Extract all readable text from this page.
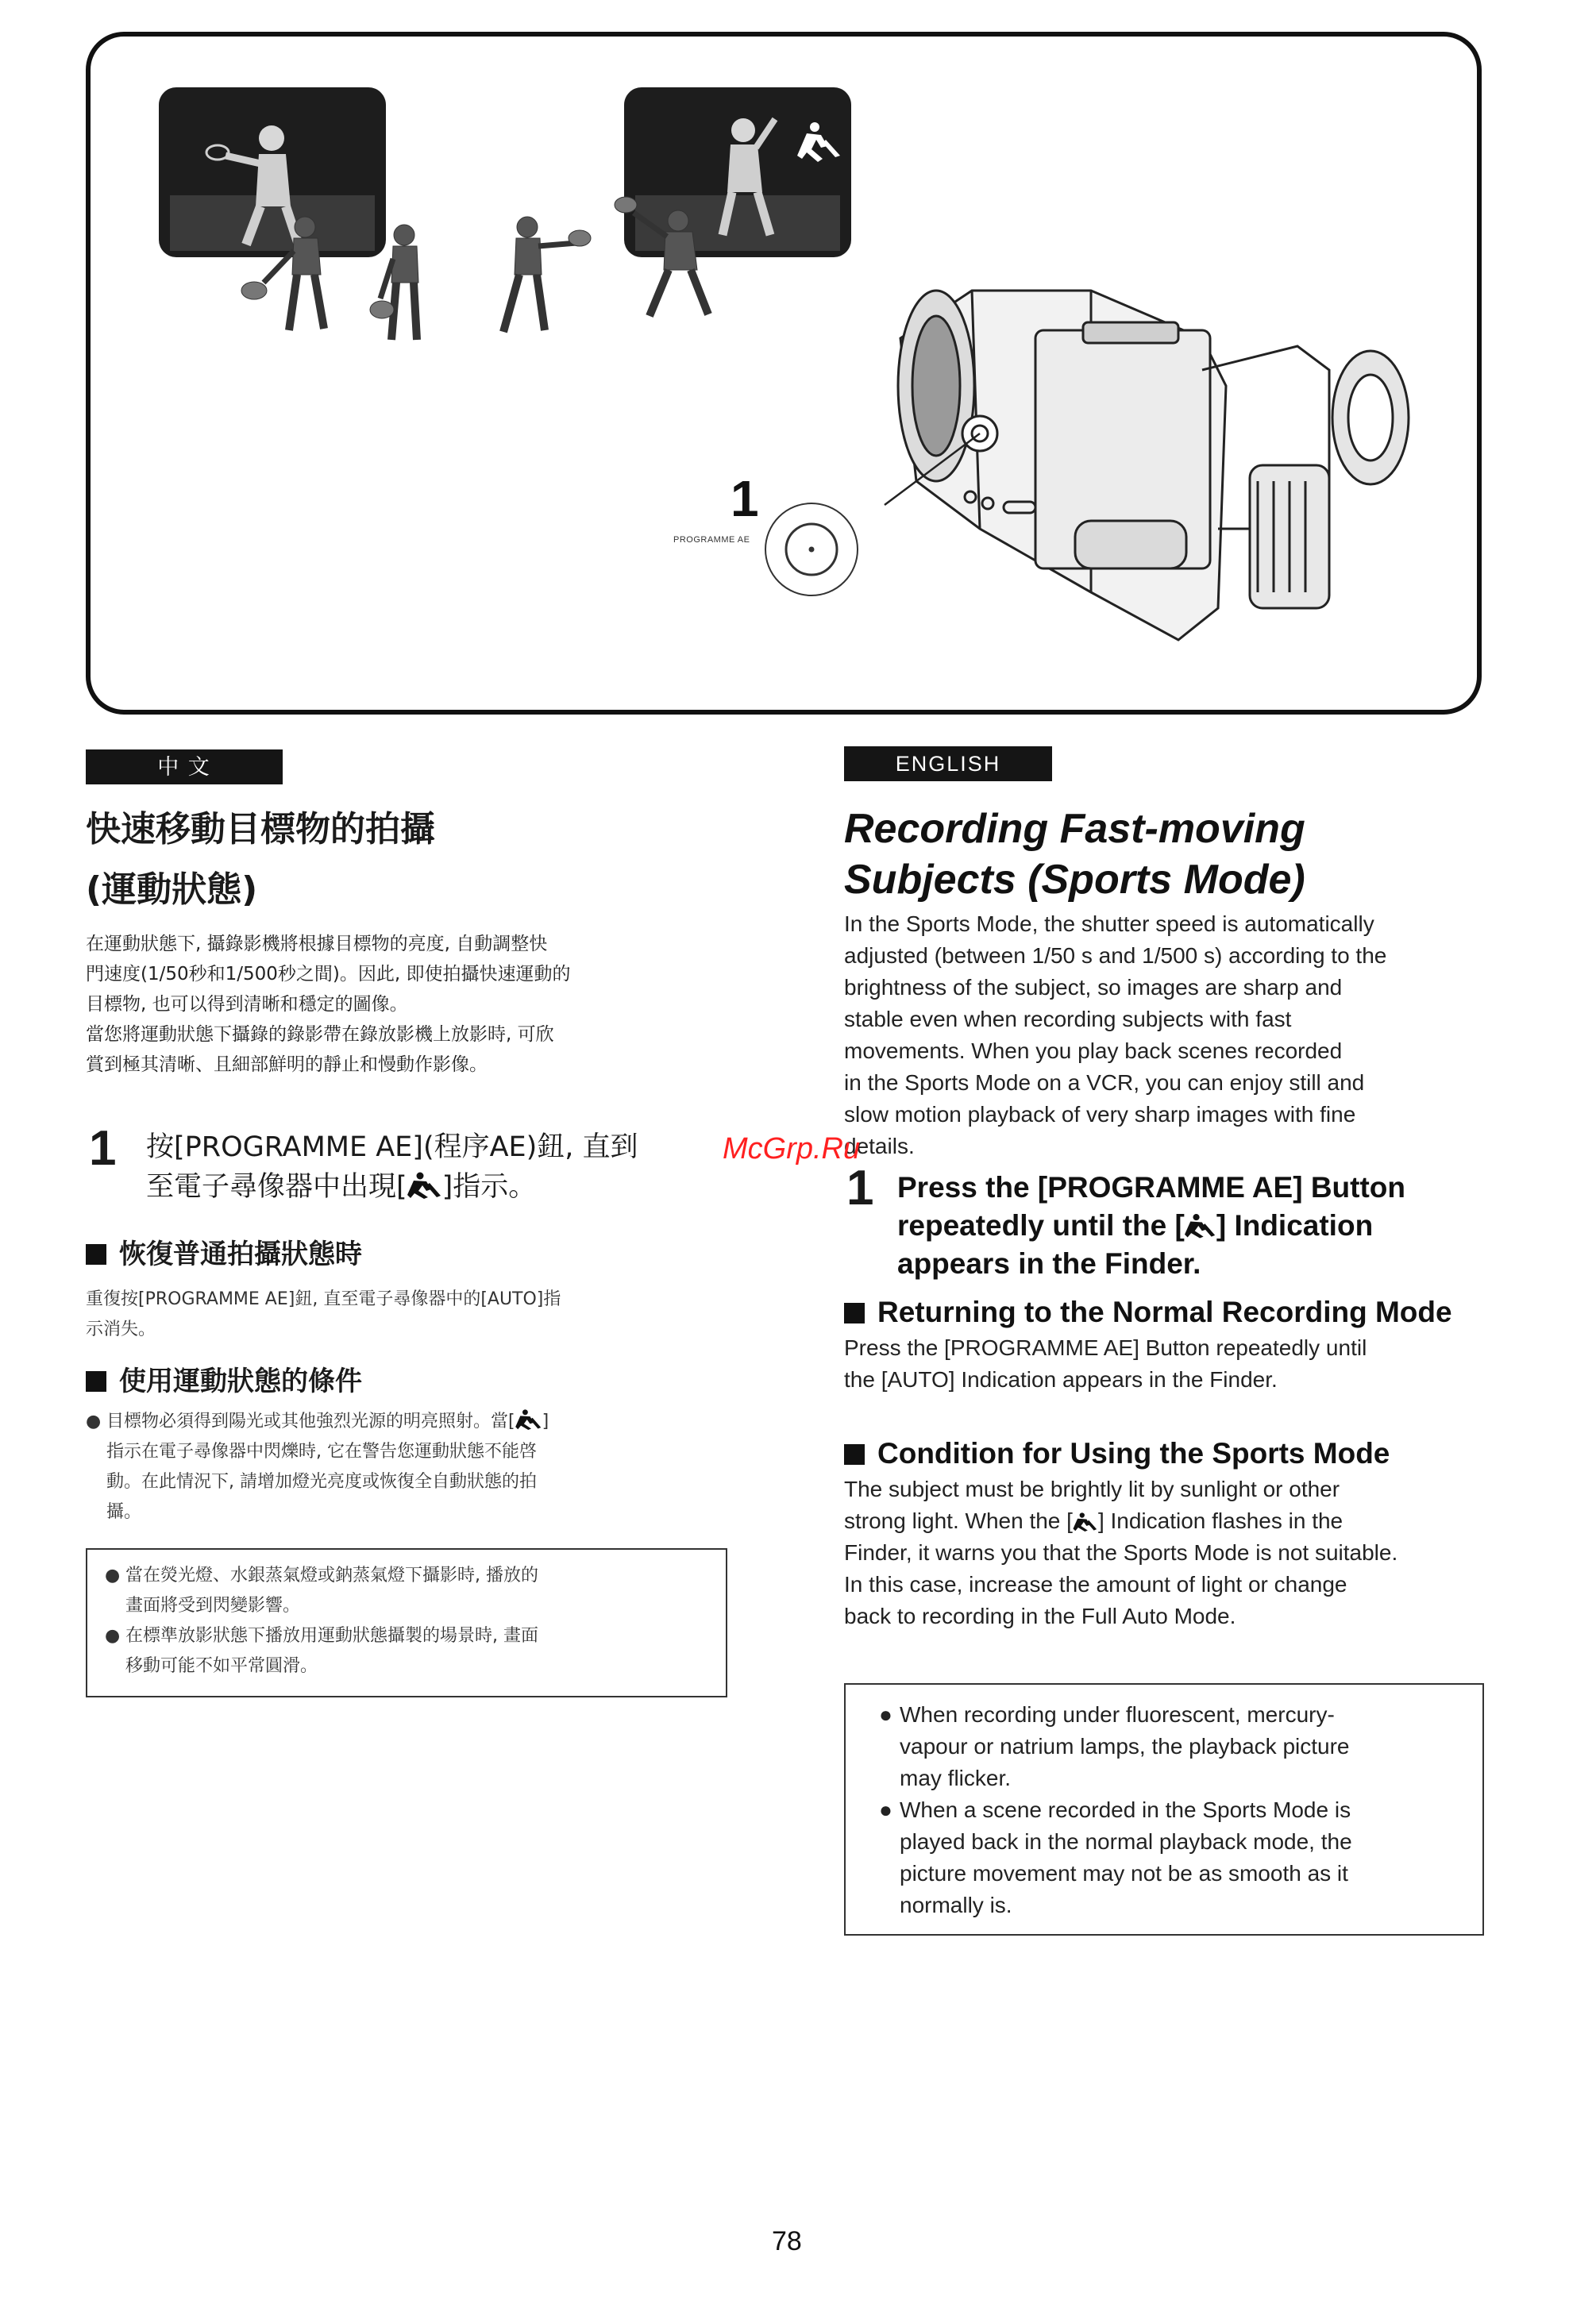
1
PROGRAMME AE
中 文
快速移動目標物的拍攝
(運動狀態)
在運動狀態下, 攝錄影機將根據目標物的亮度, 自動調整快
門速度(1/50秒和1/500秒之間)。因此, 即使拍攝快速運動的
目標物, 也可以得到清晰和穩定的圖像。
當您將運動狀態下攝錄的錄影帶在錄放影機上放影時, 可欣
賞到極其清晰、且細部鮮明的靜止和慢動作影像。
1 按[PROGRAMME AE](程序AE)鈕, 直到
至電子尋像器中出現[ ]指示。
恢復普通拍攝狀態時
重復按[PROGRAMME AE]鈕, 直至電子尋像器中的[AUTO]指
示消失。
使用運動狀態的條件
● 目標物必須得到陽光或其他強烈光源的明亮照射。當[ ]
指示在電子尋像器中閃爍時, 它在警告您運動狀態不能啓
動。在此情況下, 請增加燈光亮度或恢復全自動狀態的拍
攝。
● 當在熒光燈、水銀蒸氣燈或鈉蒸氣燈下攝影時, 播放的
畫面將受到閃變影響。
● 在標準放影狀態下播放用運動狀態攝製的場景時, 畫面
移動可能不如平常圓滑。
ENGLISH
Recording Fast-moving
Subjects (Sports Mode)
In the Sports Mode, the shutter speed is automatically
adjusted (between 1/50 s and 1/500 s) according to the
brightness of the subject, so images are sharp and
stable even when recording subjects with fast
movements. When you play back scenes recorded
in the Sports Mode on a VCR, you can enjoy still and
slow motion playback of very sharp images with fine
details.
1 Press the [PROGRAMME AE] Button
repeatedly until the [ ] Indication
appears in the Finder.
Returning to the Normal Recording Mode
Press the [PROGRAMME AE] Button repeatedly until
the [AUTO] Indication appears in the Finder.
Condition for Using the Sports Mode
The subject must be brightly lit by sunlight or other
strong light. When the [ ] Indication flashes in the
Finder, it warns you that the Sports Mode is not suitable.
In this case, increase the amount of light or change
back to recording in the Full Auto Mode.
● When recording under fluorescent, mercury-
vapour or natrium lamps, the playback picture
may flicker.
● When a scene recorded in the Sports Mode is
played back in the normal playback mode, the
picture movement may not be as smooth as it
normally is.
McGrp.Ru
78
